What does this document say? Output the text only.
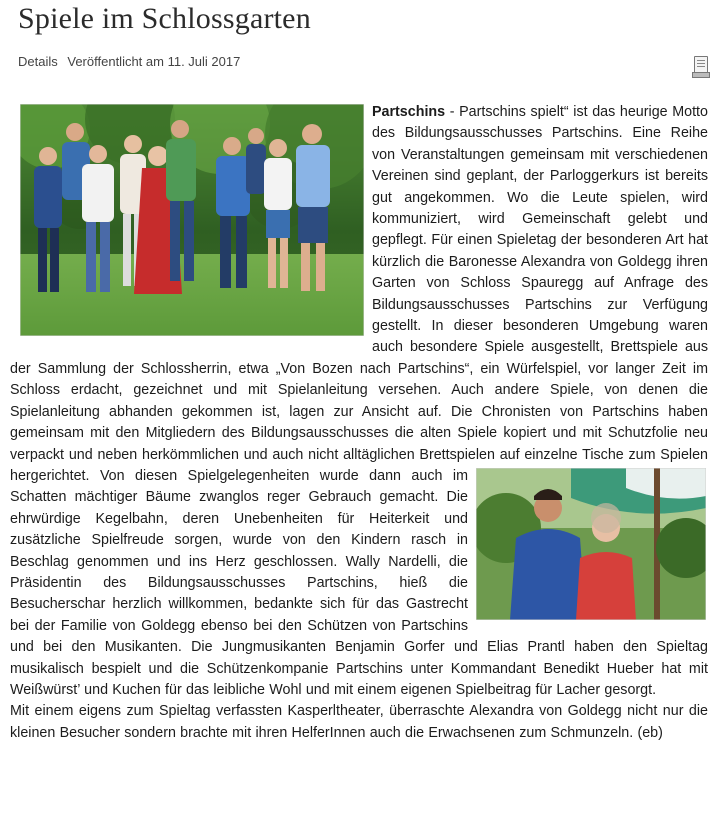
Spiele im Schlossgarten
Details Veröffentlicht am 11. Juli 2017

Partschins - Partschins spielt“ ist das heurige Motto des Bildungsausschusses Partschins. Eine Reihe von Veranstaltungen gemeinsam mit verschiedenen Vereinen sind geplant, der Parloggerkurs ist bereits gut angekommen. Wo die Leute spielen, wird kommuniziert, wird Gemeinschaft gelebt und gepflegt. Für einen Spieletag der besonderen Art hat kürzlich die Baronesse Alexandra von Goldegg ihren Garten von Schloss Spauregg auf Anfrage des Bildungsausschusses Partschins zur Verfügung gestellt. In dieser besonderen Umgebung waren auch besondere Spiele ausgestellt, Brettspiele aus der Sammlung der Schlossherrin, etwa „Von Bozen nach Partschins“, ein Würfelspiel, vor langer Zeit im Schloss erdacht, gezeichnet und mit Spielanleitung versehen. Auch andere Spiele, von denen die Spielanleitung abhanden gekommen ist, lagen zur Ansicht auf. Die Chronisten von Partschins haben gemeinsam mit den Mitgliedern des Bildungsausschusses die alten Spiele kopiert und mit Schutzfolie neu verpackt und neben herkömmlichen und auch nicht alltäglichen Brettspielen auf einzelne Tische
zum Spielen hergerichtet. Von diesen Spielgelegenheiten wurde dann auch im Schatten mächtiger Bäume zwanglos reger Gebrauch gemacht. Die ehrwürdige Kegelbahn, deren Unebenheiten für Heiterkeit und zusätzliche Spielfreude sorgen, wurde von den Kindern rasch in Beschlag genommen und ins Herz geschlossen. Wally Nardelli, die Präsidentin des Bildungsausschusses Partschins, hieß die Besucherschar herzlich willkommen, bedankte sich für das Gastrecht bei der Familie von Goldegg ebenso bei den Schützen von Partschins und bei den Musikanten. Die Jungmusikanten Benjamin Gorfer und Elias Prantl haben den Spieltag musikalisch bespielt und die Schützenkompanie Partschins unter Kommandant Benedikt Hueber hat mit Weißwürst’ und Kuchen für das leibliche Wohl und mit einem eigenen Spielbeitrag für Lacher gesorgt.

Mit einem eigens zum Spieltag verfassten Kasperltheater, überraschte Alexandra von Goldegg nicht nur die kleinen Besucher sondern brachte mit ihren HelferInnen auch die Erwachsenen zum Schmunzeln. (eb)
